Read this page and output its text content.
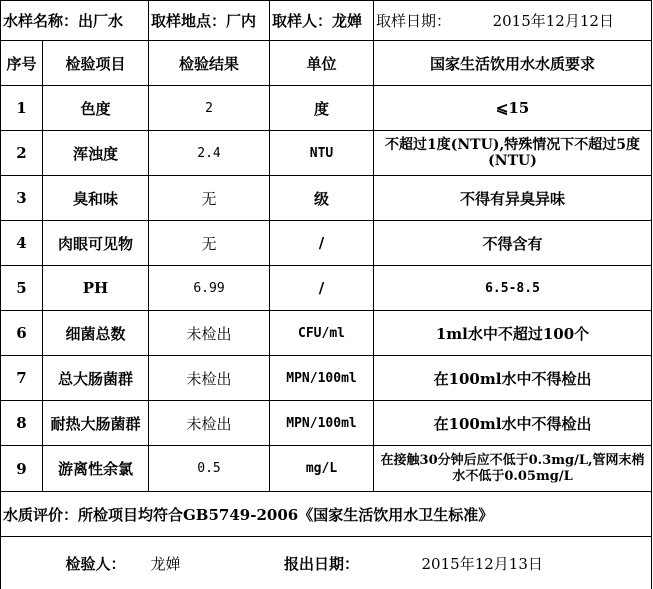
水样名称：出厂水		取样地点：厂内	取样人：龙婵	取样日期： 2015年12月12日
序号	检验项目	检验结果	单位	国家生活饮用水水质要求
1	色度	2	度	⩽15
2	浑浊度	2.4	NTU	不超过1度(NTU),特殊情况下不超过5度 (NTU)
3	臭和味	无	级	不得有异臭异味
4	肉眼可见物	无	/	不得含有
5	PH	6.99	/	6.5-8.5
6	细菌总数	未检出	CFU/ml	1ml水中不超过100个
7	总大肠菌群	未检出	MPN/100ml	在100ml水中不得检出
8	耐热大肠菌群	未检出	MPN/100ml	在100ml水中不得检出
9	游离性余氯	0.5	mg/L	在接触30分钟后应不低于0.3mg/L,管网末梢水不低于0.05mg/L
水质评价：所检项目均符合GB5749-2006《国家生活饮用水卫生标准》				
	检验人：	龙婵	报出日期：	2015年12月13日
